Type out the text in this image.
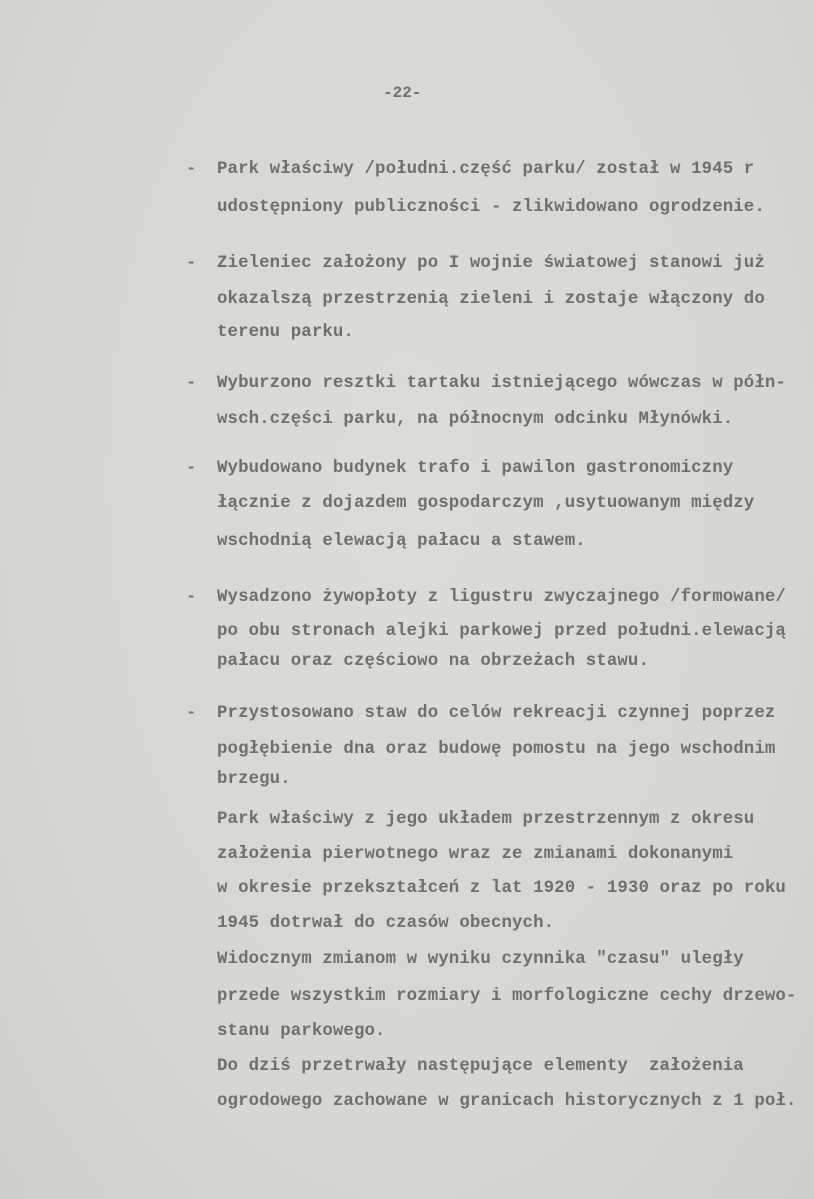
-22-
- Park właściwy /południ.część parku/ został w 1945 r
udostępniony publiczności - zlikwidowano ogrodzenie.
- Zieleniec założony po I wojnie światowej stanowi już
okazalszą przestrzenią zieleni i zostaje włączony do
terenu parku.
- Wyburzono resztki tartaku istniejącego wówczas w półn-
wsch.części parku, na północnym odcinku Młynówki.
- Wybudowano budynek trafo i pawilon gastronomiczny
łącznie z dojazdem gospodarczym ,usytuowanym między
wschodnią elewacją pałacu a stawem.
- Wysadzono żywopłoty z ligustru zwyczajnego /formowane/
po obu stronach alejki parkowej przed południ.elewacją
pałacu oraz częściowo na obrzeżach stawu.
- Przystosowano staw do celów rekreacji czynnej poprzez
pogłębienie dna oraz budowę pomostu na jego wschodnim
brzegu.
Park właściwy z jego układem przestrzennym z okresu
założenia pierwotnego wraz ze zmianami dokonanymi
w okresie przekształceń z lat 1920 - 1930 oraz po roku
1945 dotrwał do czasów obecnych.
Widocznym zmianom w wyniku czynnika "czasu" uległy
przede wszystkim rozmiary i morfologiczne cechy drzewo-
stanu parkowego.
Do dziś przetrwały następujące elementy  założenia
ogrodowego zachowane w granicach historycznych z 1 poł.
